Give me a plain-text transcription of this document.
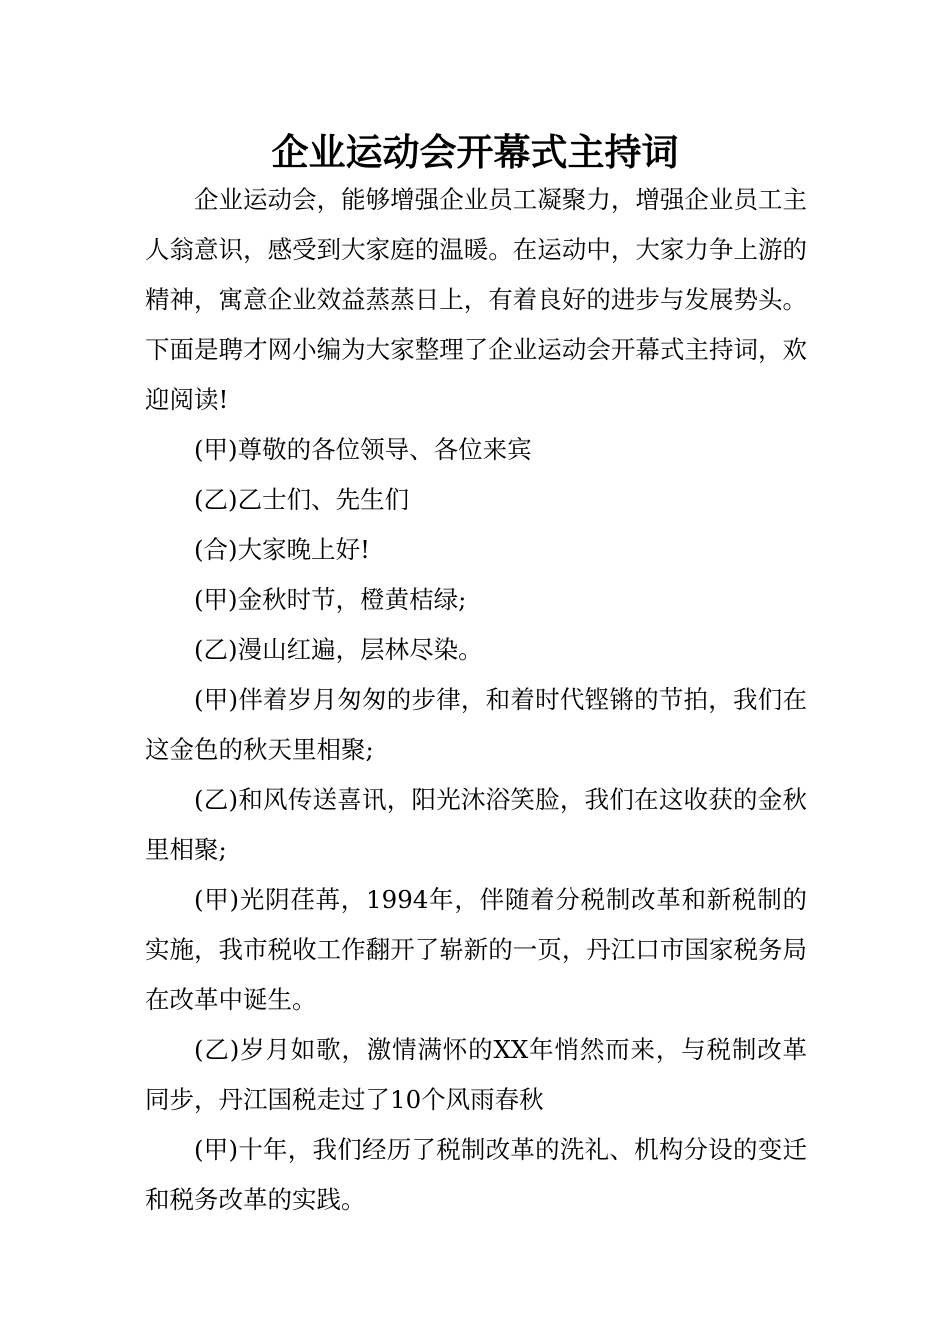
企业运动会开幕式主持词

企业运动会，能够增强企业员工凝聚力，增强企业员工主人翁意识，感受到大家庭的温暖。在运动中，大家力争上游的精神，寓意企业效益蒸蒸日上，有着良好的进步与发展势头。下面是聘才网小编为大家整理了企业运动会开幕式主持词，欢迎阅读!

(甲)尊敬的各位领导、各位来宾

(乙)乙士们、先生们

(合)大家晚上好!

(甲)金秋时节，橙黄桔绿;

(乙)漫山红遍，层林尽染。

(甲)伴着岁月匆匆的步律，和着时代铿锵的节拍，我们在这金色的秋天里相聚;

(乙)和风传送喜讯，阳光沐浴笑脸，我们在这收获的金秋里相聚;

(甲)光阴荏苒，1994年，伴随着分税制改革和新税制的实施，我市税收工作翻开了崭新的一页，丹江口市国家税务局在改革中诞生。

(乙)岁月如歌，激情满怀的XX年悄然而来，与税制改革同步，丹江国税走过了10个风雨春秋

(甲)十年，我们经历了税制改革的洗礼、机构分设的变迁和税务改革的实践。
